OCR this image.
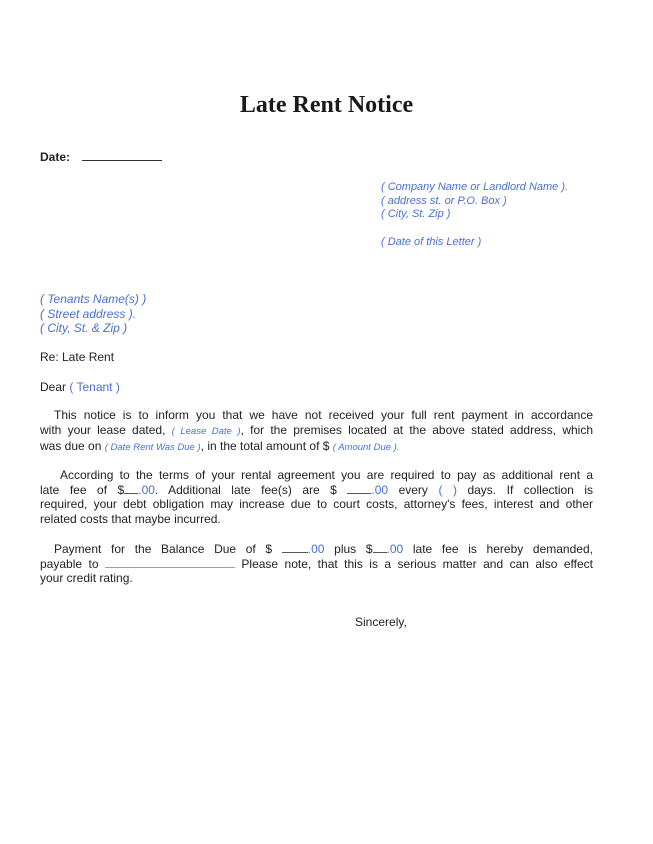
Late Rent Notice
Date:
( Company Name or Landlord Name ).
( address st. or P.O. Box )
( City, St. Zip )
( Date of this Letter )
( Tenants Name(s) )
( Street address ).
( City, St. & Zip )
Re: Late Rent
Dear ( Tenant )
This notice is to inform you that we have not received your full rent payment in accordance
with your lease dated, ( Lease Date ), for the premises located at the above stated address, which
was due on ( Date Rent Was Due ), in the total amount of $ ( Amount Due ).
According to the terms of your rental agreement you are required to pay as additional rent a
late fee of $ .00. Additional late fee(s) are $	.00 every ( ) days. If collection is
required, your debt obligation may increase due to court costs, attorney's fees, interest and other
related costs that maybe incurred.
Payment for the Balance Due of $	.00 plus $ .00 late fee is hereby demanded,
payable to	Please note, that this is a serious matter and can also effect
your credit rating.
Sincerely,
